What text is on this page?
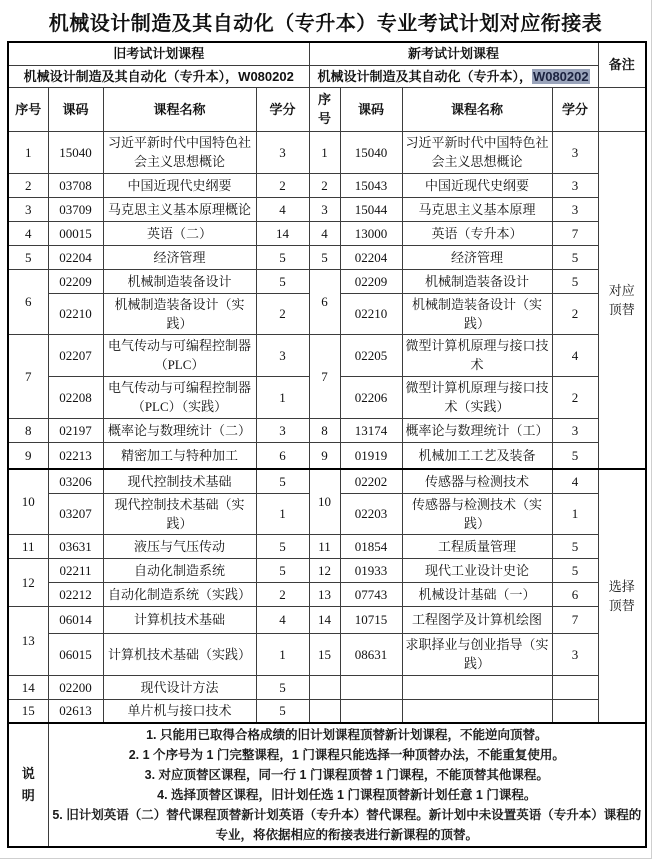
机械设计制造及其自动化（专升本）专业考试计划对应衔接表
旧考试计划课程				新考试计划课程				备注
机械设计制造及其自动化（专升本），W080202				机械设计制造及其自动化（专升本），W080202				
序号	课码	课程名称	学分	序号	课码	课程名称	学分	
1	15040	习近平新时代中国特色社会主义思想概论	3	1	15040	习近平新时代中国特色社会主义思想概论	3	对应顶替

2	03708	中国近现代史纲要	2	2	15043	中国近现代史纲要	3	
3	03709	马克思主义基本原理概论	4	3	15044	马克思主义基本原理	3	
4	00015	英语（二）	14	4	13000	英语（专升本）	7	
5	02204	经济管理	5	5	02204	经济管理	5	
6	02209	机械制造装备设计	5	6	02209	机械制造装备设计	5	
	02210	机械制造装备设计（实践）	2		02210	机械制造装备设计（实践）	2	
7	02207	电气传动与可编程控制器（PLC）	3	7	02205	微型计算机原理与接口技术	4	
	02208	电气传动与可编程控制器（PLC）（实践）	1		02206	微型计算机原理与接口技术（实践）	2	
8	02197	概率论与数理统计（二）	3	8	13174	概率论与数理统计（工）	3	
9	02213	精密加工与特种加工	6	9	01919	机械加工工艺及装备	5	
10	03206	现代控制技术基础	5	10	02202	传感器与检测技术	4	选择顶替

	03207	现代控制技术基础（实践）	1		02203	传感器与检测技术（实践）	1	
11	03631	液压与气压传动	5	11	01854	工程质量管理	5	
12	02211	自动化制造系统	5	12	01933	现代工业设计史论	5	
	02212	自动化制造系统（实践）	2	13	07743	机械设计基础（一）	6	
13	06014	计算机技术基础	4	14	10715	工程图学及计算机绘图	7	
	06015	计算机技术基础（实践）	1	15	08631	求职择业与创业指导（实践）	3	
14	02200	现代设计方法	5					
15	02613	单片机与接口技术	5					

说明	1. 只能用已取得合格成绩的旧计划课程顶替新计划课程，不能逆向顶替。
2. 1 个序号为 1 门完整课程，1 门课程只能选择一种顶替办法，不能重复使用。
3. 对应顶替区课程，同一行 1 门课程顶替 1 门课程，不能顶替其他课程。
4. 选择顶替区课程，旧计划任选 1 门课程顶替新计划任意 1 门课程。
5. 旧计划英语（二）替代课程顶替新计划英语（专升本）替代课程。新计划中未设置英语（专升本）课程的专业，将依据相应的衔接表进行新课程的顶替。							
